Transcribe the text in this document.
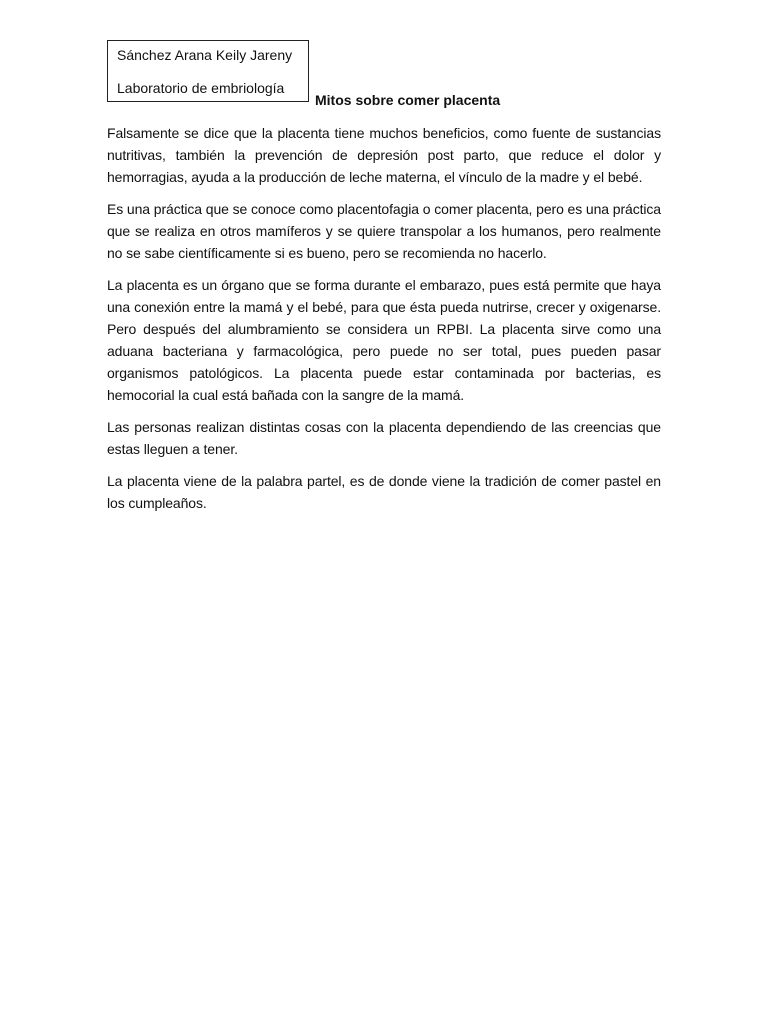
Sánchez Arana Keily Jareny
Laboratorio de embriología
Mitos sobre comer placenta

Falsamente se dice que la placenta tiene muchos beneficios, como fuente de sustancias nutritivas, también la prevención de depresión post parto, que reduce el dolor y hemorragias, ayuda a la producción de leche materna, el vínculo de la madre y el bebé.

Es una práctica que se conoce como placentofagia o comer placenta, pero es una práctica que se realiza en otros mamíferos y se quiere transpolar a los humanos, pero realmente no se sabe científicamente si es bueno, pero se recomienda no hacerlo.

La placenta es un órgano que se forma durante el embarazo, pues está permite que haya una conexión entre la mamá y el bebé, para que ésta pueda nutrirse, crecer y oxigenarse. Pero después del alumbramiento se considera un RPBI. La placenta sirve como una aduana bacteriana y farmacológica, pero puede no ser total, pues pueden pasar organismos patológicos. La placenta puede estar contaminada por bacterias, es hemocorial la cual está bañada con la sangre de la mamá.

Las personas realizan distintas cosas con la placenta dependiendo de las creencias que estas lleguen a tener.

La placenta viene de la palabra partel, es de donde viene la tradición de comer pastel en los cumpleaños.
